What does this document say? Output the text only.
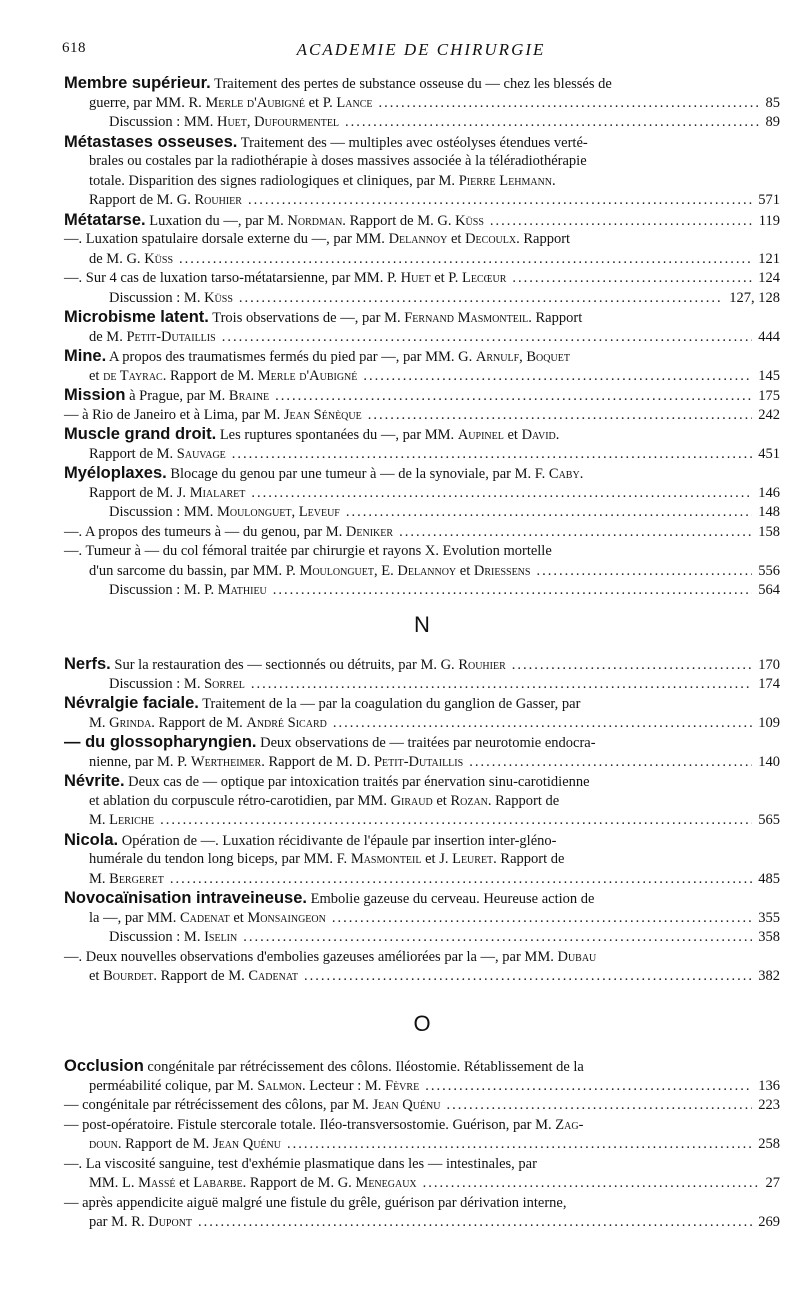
618	ACADEMIE DE CHIRURGIE
Membre supérieur. Traitement des pertes de substance osseuse du — chez les blessés de
guerre, par MM. R. Merle d'Aubigné et P. Lance .....	85
Discussion : MM. Huet, Dufourmentel .....	89
Métastases osseuses. Traitement des — multiples avec ostéolyses étendues verté-
brales ou costales par la radiothérapie à doses massives associée à la téléradiothérapie
totale. Disparition des signes radiologiques et cliniques, par M. Pierre Lehmann.
Rapport de M. G. Rouhier .....	571
Métatarse. Luxation du —, par M. Nordman. Rapport de M. G. Küss .....	119
—. Luxation spatulaire dorsale externe du —, par MM. Delannoy et Decoulx. Rapport
de M. G. Küss .....	121
—. Sur 4 cas de luxation tarso-métatarsienne, par MM. P. Huet et P. Lecœur .....	124
Discussion : M. Küss .....	127, 128
Microbisme latent. Trois observations de —, par M. Fernand Masmonteil. Rapport
de M. Petit-Dutaillis .....	444
Mine. A propos des traumatismes fermés du pied par —, par MM. G. Arnulf, Boquet
et de Tayrac. Rapport de M. Merle d'Aubigné .....	145
Mission à Prague, par M. Braine .....	175
— à Rio de Janeiro et à Lima, par M. Jean Sénèque .....	242
Muscle grand droit. Les ruptures spontanées du —, par MM. Aupinel et David.
Rapport de M. Sauvage .....	451
Myéloplaxes. Blocage du genou par une tumeur à — de la synoviale, par M. F. Caby.
Rapport de M. J. Mialaret .....	146
Discussion : MM. Moulonguet, Leveuf .....	148
—. A propos des tumeurs à — du genou, par M. Deniker .....	158
—. Tumeur à — du col fémoral traitée par chirurgie et rayons X. Evolution mortelle
d'un sarcome du bassin, par MM. P. Moulonguet, E. Delannoy et Driessens .....	556
Discussion : M. P. Mathieu .....	564
N
Nerfs. Sur la restauration des — sectionnés ou détruits, par M. G. Rouhier .....	170
Discussion : M. Sorrel .....	174
Névralgie faciale. Traitement de la — par la coagulation du ganglion de Gasser, par
M. Grinda. Rapport de M. André Sicard .....	109
— du glossopharyngien. Deux observations de — traitées par neurotomie endocra-
nienne, par M. P. Wertheimer. Rapport de M. D. Petit-Dutaillis .....	140
Névrite. Deux cas de — optique par intoxication traités par énervation sinu-carotidienne
et ablation du corpuscule rétro-carotidien, par MM. Giraud et Rozan. Rapport de
M. Leriche .....	565
Nicola. Opération de —. Luxation récidivante de l'épaule par insertion inter-gléno-
humérale du tendon long biceps, par MM. F. Masmonteil et J. Leuret. Rapport de
M. Bergeret .....	485
Novocaïnisation intraveineuse. Embolie gazeuse du cerveau. Heureuse action de
la —, par MM. Cadenat et Monsaingeon .....	355
Discussion : M. Iselin .....	358
—. Deux nouvelles observations d'embolies gazeuses améliorées par la —, par MM. Dubau
et Bourdet. Rapport de M. Cadenat .....	382
O
Occlusion congénitale par rétrécissement des côlons. Iléostomie. Rétablissement de la
perméabilité colique, par M. Salmon. Lecteur : M. Fèvre .....	136
— congénitale par rétrécissement des côlons, par M. Jean Quénu .....	223
— post-opératoire. Fistule stercorale totale. Iléo-transversostomie. Guérison, par M. Zag-
doun. Rapport de M. Jean Quénu .....	258
—. La viscosité sanguine, test d'exhémie plasmatique dans les — intestinales, par
MM. L. Massé et Labarbe. Rapport de M. G. Menegaux .....	27
— après appendicite aiguë malgré une fistule du grêle, guérison par dérivation interne,
par M. R. Dupont .....	269
